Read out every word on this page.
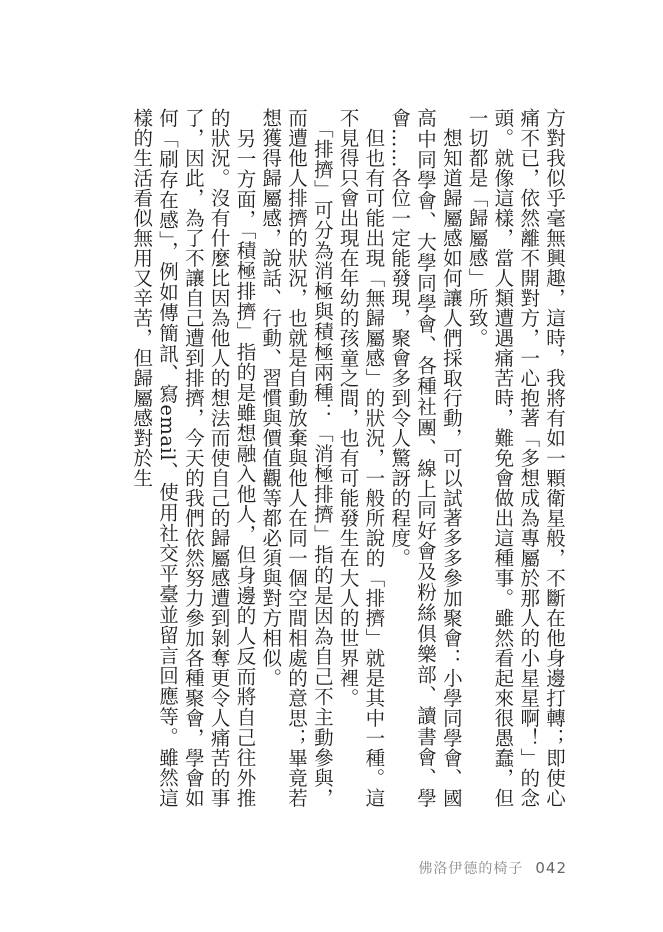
方對我似乎毫無興趣，這時，我將有如一顆衛星般，不斷在他身邊打轉；即使心痛不已，依然離不開對方，一心抱著「多想成為專屬於那人的小星星啊！」的念頭。就像這樣，當人類遭遇痛苦時，難免會做出這種事。雖然看起來很愚蠢，但一切都是「歸屬感」所致。

　想知道歸屬感如何讓人們採取行動，可以試著多多參加聚會：小學同學會、國高中同學會、大學同學會、各種社團、線上同好會及粉絲俱樂部、讀書會、學會……各位一定能發現，聚會多到令人驚訝的程度。

　但也有可能出現「無歸屬感」的狀況，一般所說的「排擠」就是其中一種。這不見得只會出現在年幼的孩童之間，也有可能發生在大人的世界裡。

　「排擠」可分為消極與積極兩種：「消極排擠」指的是因為自己不主動參與，而遭他人排擠的狀況，也就是自動放棄與他人在同一個空間相處的意思；畢竟若想獲得歸屬感，說話、行動、習慣與價值觀等都必須與對方相似。

　另一方面，「積極排擠」指的是雖想融入他人，但身邊的人反而將自己往外推的狀況。沒有什麼比因為他人的想法而使自己的歸屬感遭到剝奪更令人痛苦的事了，因此，為了不讓自己遭到排擠，今天的我們依然努力參加各種聚會，學會如何「刷存在感」，例如傳簡訊、寫email、使用社交平臺並留言回應等。雖然這樣的生活看似無用又辛苦，但歸屬感對於生

佛洛伊德的椅子 042
